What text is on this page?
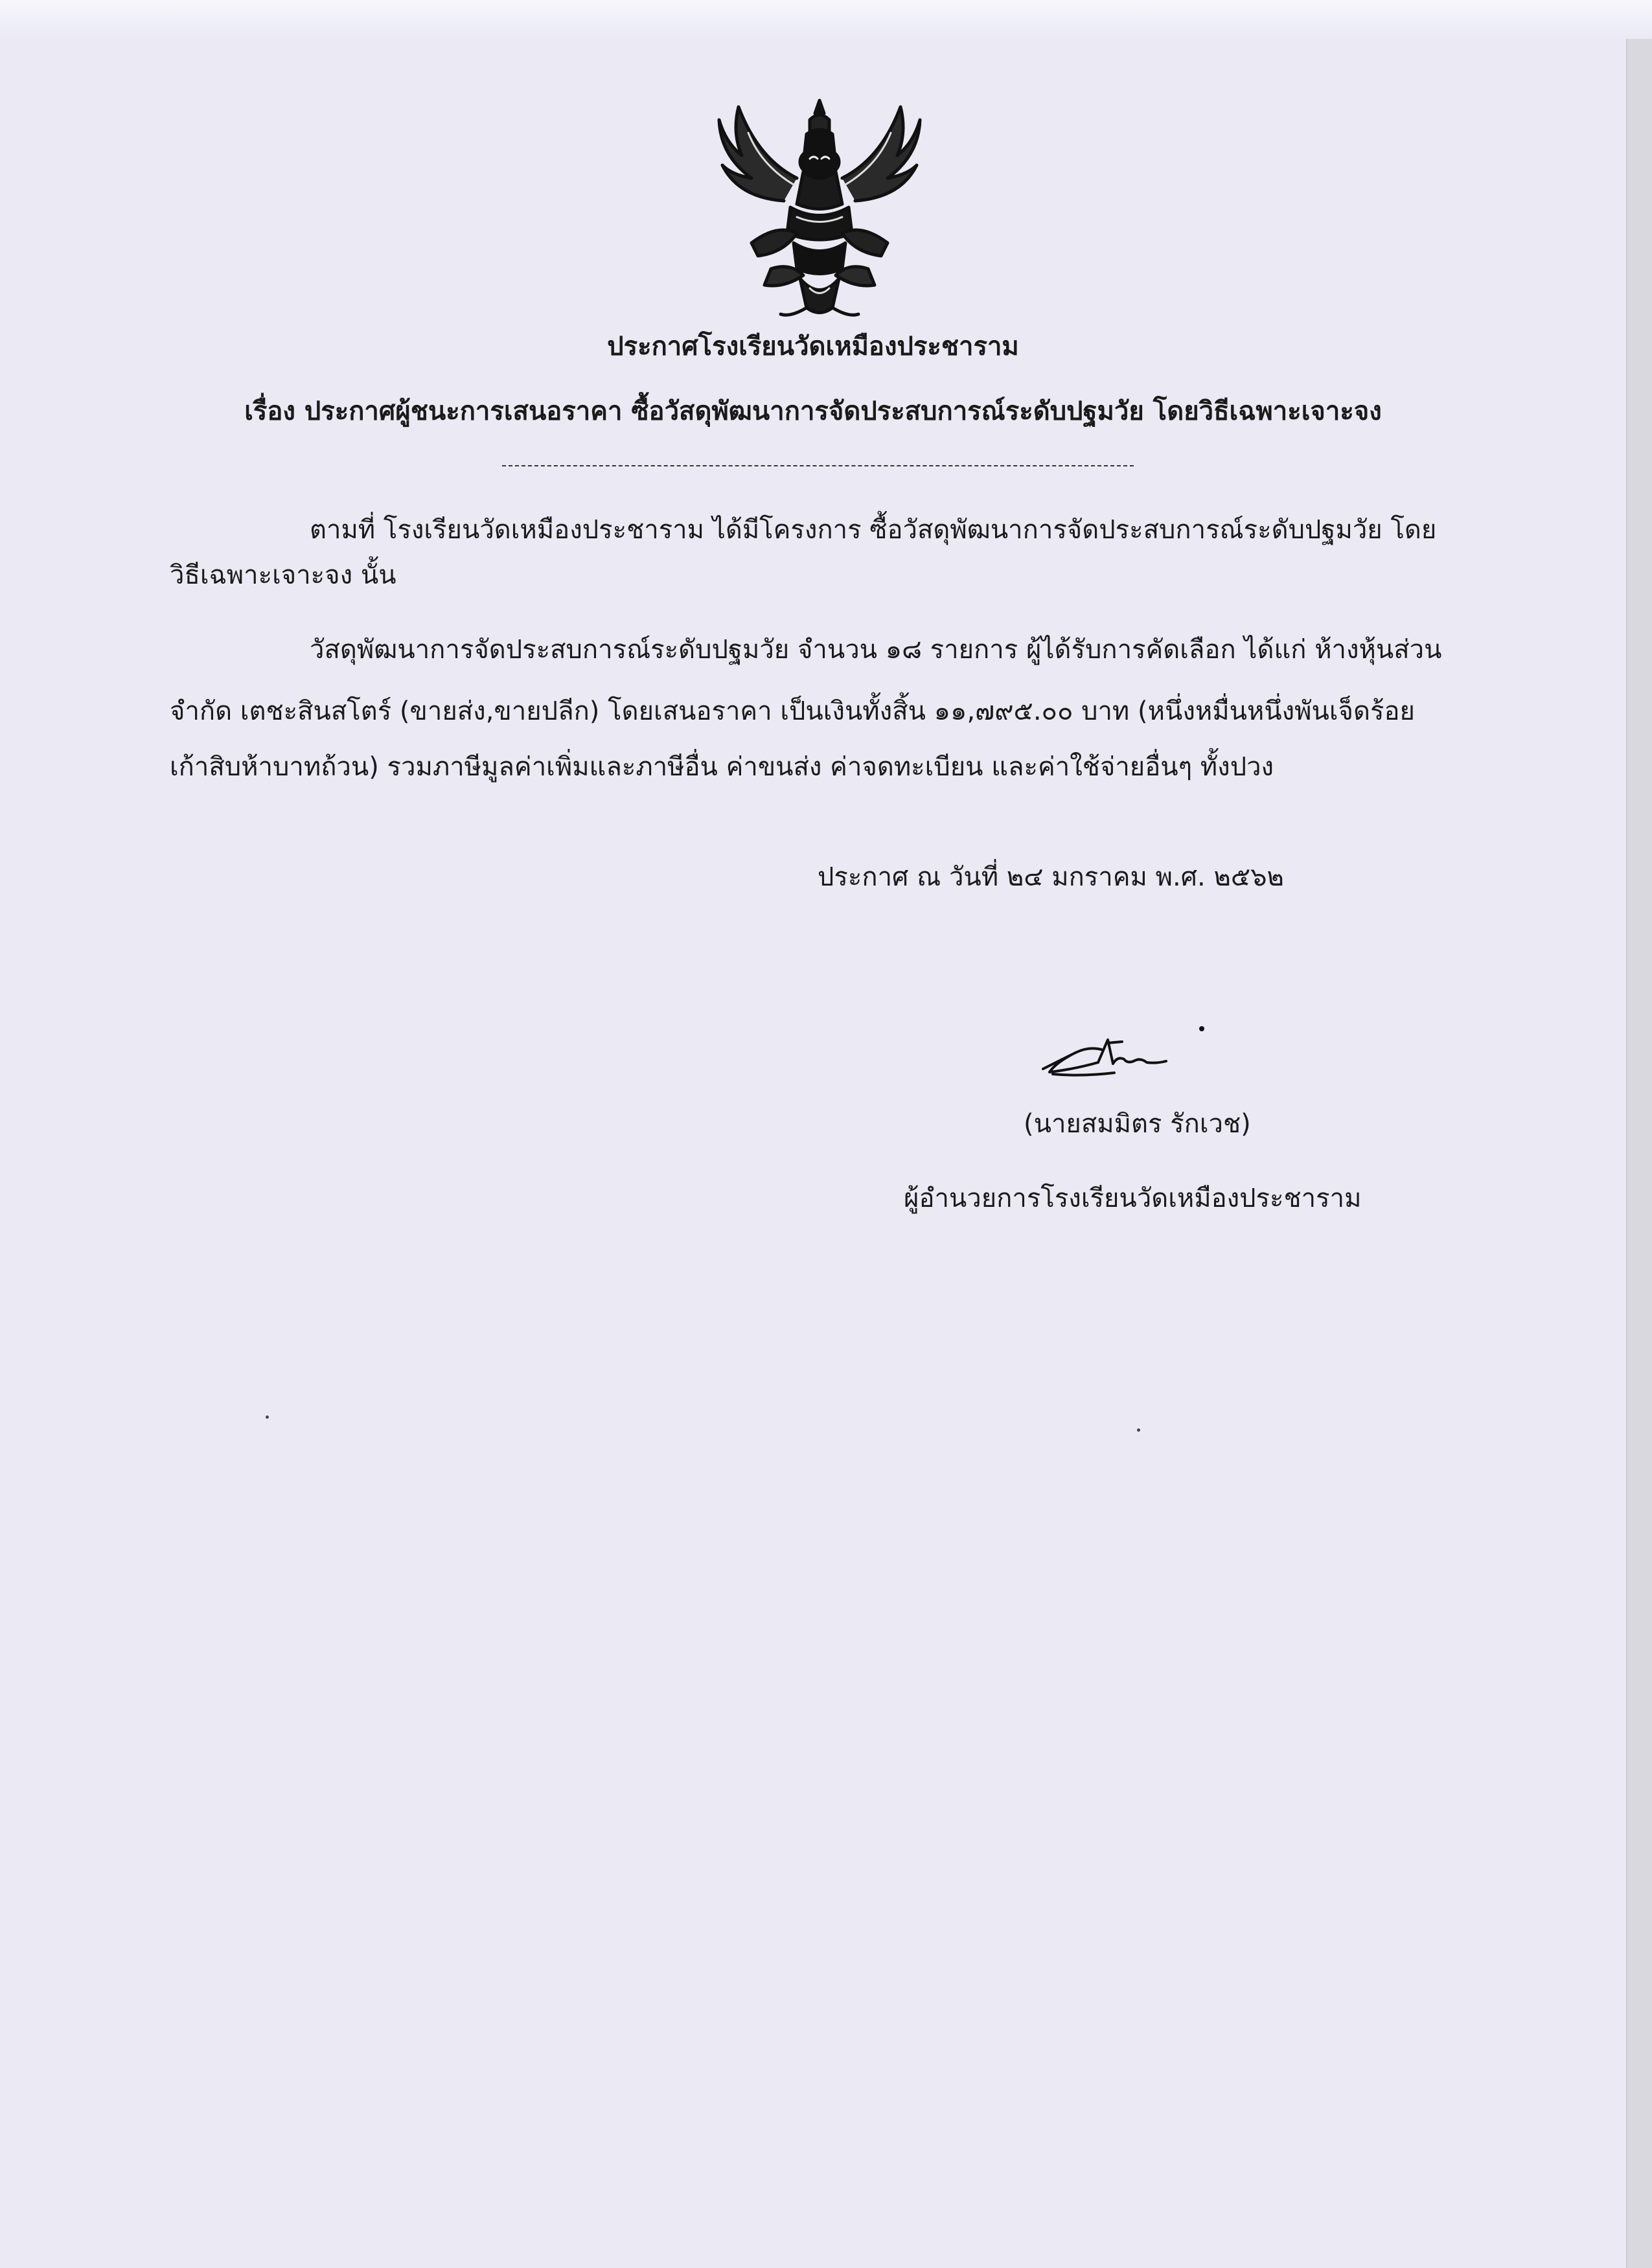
ประกาศโรงเรียนวัดเหมืองประชาราม
เรื่อง ประกาศผู้ชนะการเสนอราคา ซื้อวัสดุพัฒนาการจัดประสบการณ์ระดับปฐมวัย โดยวิธีเฉพาะเจาะจง
ตามที่ โรงเรียนวัดเหมืองประชาราม ได้มีโครงการ ซื้อวัสดุพัฒนาการจัดประสบการณ์ระดับปฐมวัย โดย
วิธีเฉพาะเจาะจง นั้น
วัสดุพัฒนาการจัดประสบการณ์ระดับปฐมวัย จำนวน ๑๘ รายการ ผู้ได้รับการคัดเลือก ได้แก่ ห้างหุ้นส่วน
จำกัด เตชะสินสโตร์ (ขายส่ง,ขายปลีก) โดยเสนอราคา เป็นเงินทั้งสิ้น ๑๑,๗๙๕.๐๐ บาท (หนึ่งหมื่นหนึ่งพันเจ็ดร้อย
เก้าสิบห้าบาทถ้วน) รวมภาษีมูลค่าเพิ่มและภาษีอื่น ค่าขนส่ง ค่าจดทะเบียน และค่าใช้จ่ายอื่นๆ ทั้งปวง
ประกาศ ณ วันที่ ๒๔ มกราคม พ.ศ. ๒๕๖๒
(นายสมมิตร รักเวช)
ผู้อำนวยการโรงเรียนวัดเหมืองประชาราม
